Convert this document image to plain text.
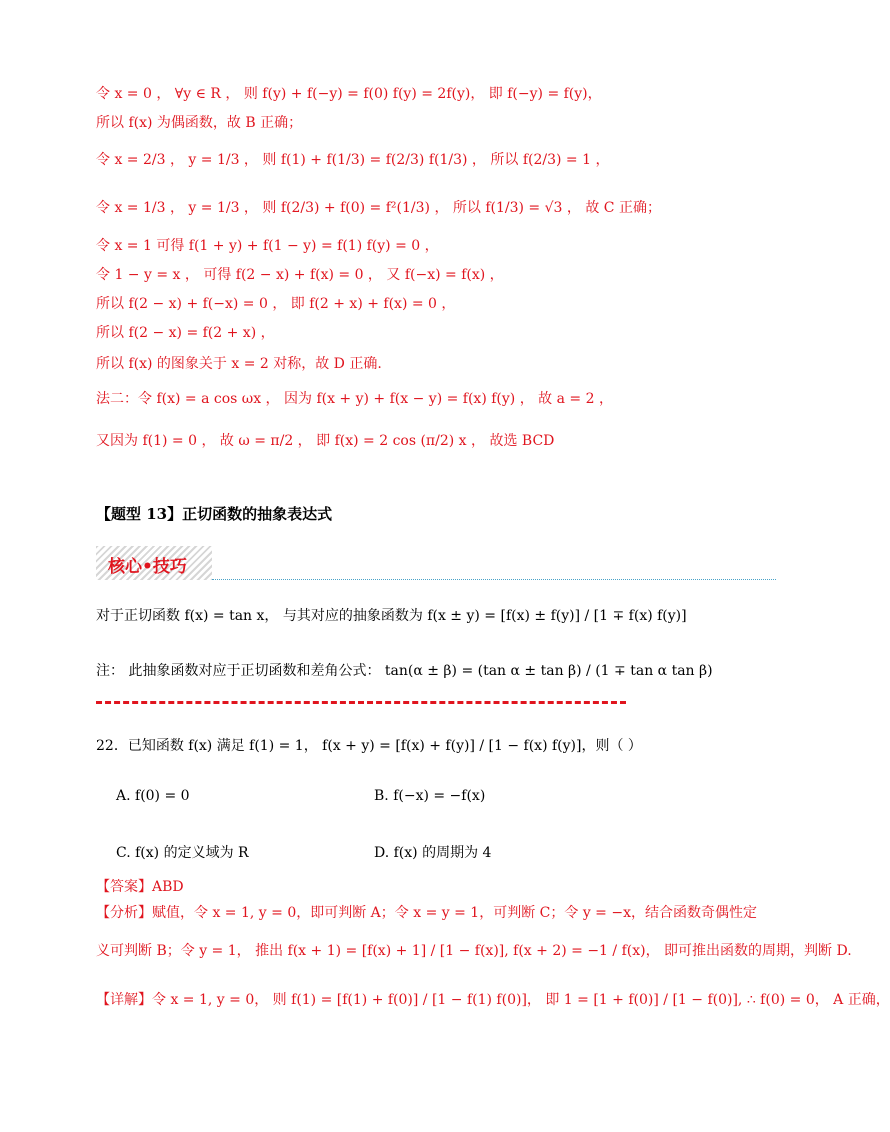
核心•技巧
令 x = 0 ， ∀y ∈ R ， 则 f(y) + f(−y) = f(0) f(y) = 2f(y)， 即 f(−y) = f(y)，
所以 f(x) 为偶函数，故 B 正确；
令 x = 2/3 ， y = 1/3 ， 则 f(1) + f(1/3) = f(2/3) f(1/3) ， 所以 f(2/3) = 1 ，
令 x = 1/3 ， y = 1/3 ， 则 f(2/3) + f(0) = f²(1/3) ， 所以 f(1/3) = √3 ， 故 C 正确；
令 x = 1 可得 f(1 + y) + f(1 − y) = f(1) f(y) = 0 ，
令 1 − y = x ， 可得 f(2 − x) + f(x) = 0 ， 又 f(−x) = f(x) ，
所以 f(2 − x) + f(−x) = 0 ， 即 f(2 + x) + f(x) = 0 ，
所以 f(2 − x) = f(2 + x) ，
所以 f(x) 的图象关于 x = 2 对称，故 D 正确.
法二：令 f(x) = a cos ωx ， 因为 f(x + y) + f(x − y) = f(x) f(y) ， 故 a = 2 ，
又因为 f(1) = 0 ， 故 ω = π/2 ， 即 f(x) = 2 cos (π/2) x ， 故选 BCD
【题型 13】正切函数的抽象表达式
对于正切函数 f(x) = tan x， 与其对应的抽象函数为 f(x ± y) = [f(x) ± f(y)] / [1 ∓ f(x) f(y)]
注： 此抽象函数对应于正切函数和差角公式： tan(α ± β) = (tan α ± tan β) / (1 ∓ tan α tan β)
22．已知函数 f(x) 满足 f(1) = 1， f(x + y) = [f(x) + f(y)] / [1 − f(x) f(y)]，则（ ）
【答案】ABD
【分析】赋值，令 x = 1, y = 0，即可判断 A；令 x = y = 1，可判断 C；令 y = −x，结合函数奇偶性定
义可判断 B；令 y = 1， 推出 f(x + 1) = [f(x) + 1] / [1 − f(x)], f(x + 2) = −1 / f(x)， 即可推出函数的周期，判断 D.
【详解】令 x = 1, y = 0， 则 f(1) = [f(1) + f(0)] / [1 − f(1) f(0)]， 即 1 = [1 + f(0)] / [1 − f(0)], ∴ f(0) = 0， A 正确，
A. f(0) = 0	B. f(−x) = −f(x)
C. f(x) 的定义域为 R	D. f(x) 的周期为 4
